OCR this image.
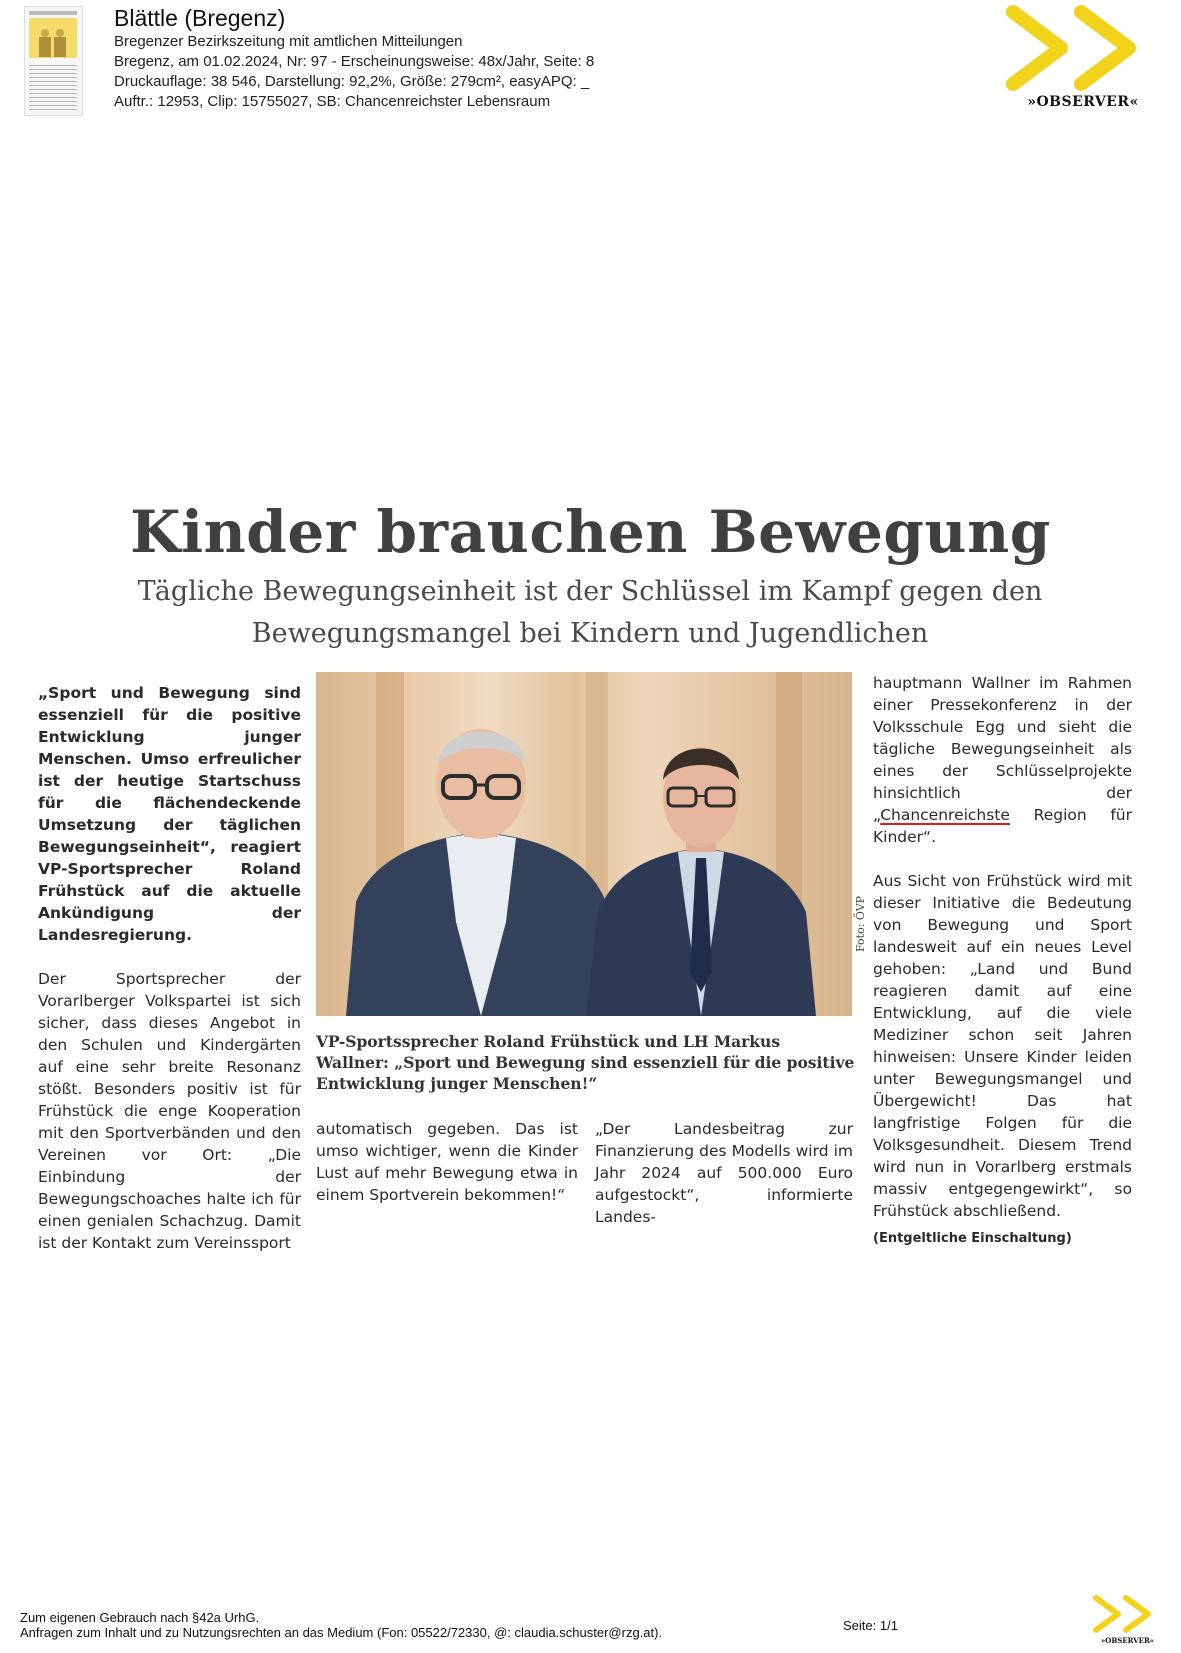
Blättle (Bregenz)
Bregenzer Bezirkszeitung mit amtlichen Mitteilungen
Bregenz, am 01.02.2024, Nr: 97 - Erscheinungsweise: 48x/Jahr, Seite: 8
Druckauflage: 38 546, Darstellung: 92,2%, Größe: 279cm², easyAPQ: _
Auftr.: 12953, Clip: 15755027, SB: Chancenreichster Lebensraum	»OBSERVER«
Kinder brauchen Bewegung
Tägliche Bewegungseinheit ist der Schlüssel im Kampf gegen den Bewegungsmangel bei Kindern und Jugendlichen

„Sport und Bewegung sind essenziell für die positive Entwicklung junger Menschen. Umso erfreulicher ist der heutige Startschuss für die flächendeckende Umsetzung der täglichen Bewegungseinheit“, reagiert VP-Sportsprecher Roland Frühstück auf die aktuelle Ankündigung der Landesregierung.

Der Sportsprecher der Vorarlberger Volkspartei ist sich sicher, dass dieses Angebot in den Schulen und Kindergärten auf eine sehr breite Resonanz stößt. Besonders positiv ist für Frühstück die enge Kooperation mit den Sportverbänden und den Vereinen vor Ort: „Die Einbindung der Bewegungschoaches halte ich für einen genialen Schachzug. Damit ist der Kontakt zum Vereinssport

Foto: ÖVP
VP-Sportssprecher Roland Frühstück und LH Markus Wallner: „Sport und Bewegung sind essenziell für die positive Entwicklung junger Menschen!“

automatisch gegeben. Das ist umso wichtiger, wenn die Kinder Lust auf mehr Bewegung etwa in einem Sportverein bekommen!“

„Der Landesbeitrag zur Finanzierung des Modells wird im Jahr 2024 auf 500.000 Euro aufgestockt“, informierte Landes-

hauptmann Wallner im Rahmen einer Pressekonferenz in der Volksschule Egg und sieht die tägliche Bewegungseinheit als eines der Schlüsselprojekte hinsichtlich der „Chancenreichste Region für Kinder“.

Aus Sicht von Frühstück wird mit dieser Initiative die Bedeutung von Bewegung und Sport landesweit auf ein neues Level gehoben: „Land und Bund reagieren damit auf eine Entwicklung, auf die viele Mediziner schon seit Jahren hinweisen: Unsere Kinder leiden unter Bewegungsmangel und Übergewicht! Das hat langfristige Folgen für die Volksgesundheit. Diesem Trend wird nun in Vorarlberg erstmals massiv entgegengewirkt“, so Frühstück abschließend.

(Entgeltliche Einschaltung)

Zum eigenen Gebrauch nach §42a UrhG.
Anfragen zum Inhalt und zu Nutzungsrechten an das Medium (Fon: 05522/72330, @: claudia.schuster@rzg.at).	Seite: 1/1
»OBSERVER«
